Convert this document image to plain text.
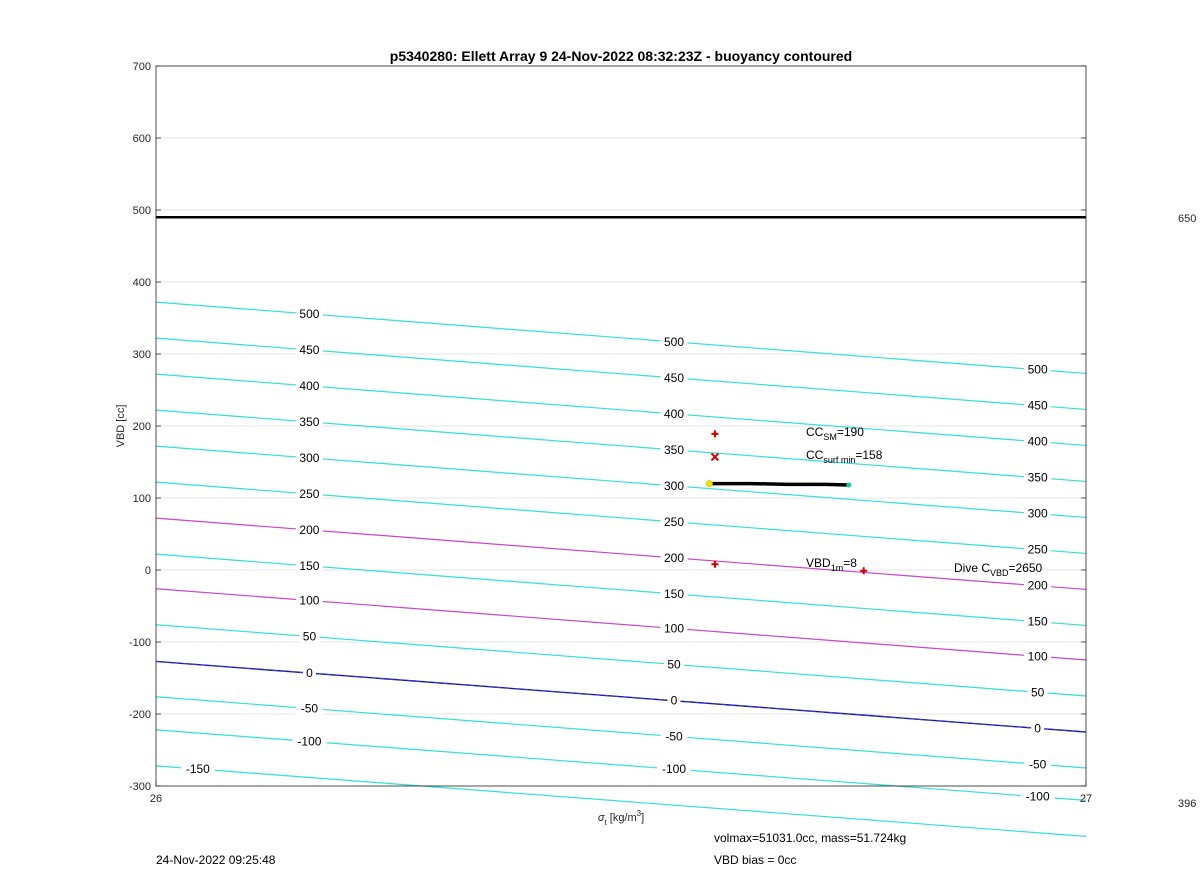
-100
-50
0
50
100
150
200
250
300
350
400
450
500
-100
-50
0
50
100
150
200
250
300
350
400
450
500
-100
-50
0
50
100
150
200
250
300
350
400
450
500
-150
$CC_{SM}=190$
$CC_{surf min}=158$
$VBD_{1m}=8$	Dive $C_{VBD}=2650$
700
600
500
400
300
200
100
0
-100
-200
-300
26	27
p5340280: Ellett Array 9 24-Nov-2022 08:32:23Z - buoyancy contoured
VBD [cc]
$\sigma_t$ $[kg/m^3]$
650
396
24-Nov-2022 09:25:48
volmax=51031.0cc, mass=51.724kg
VBD bias = 0cc
